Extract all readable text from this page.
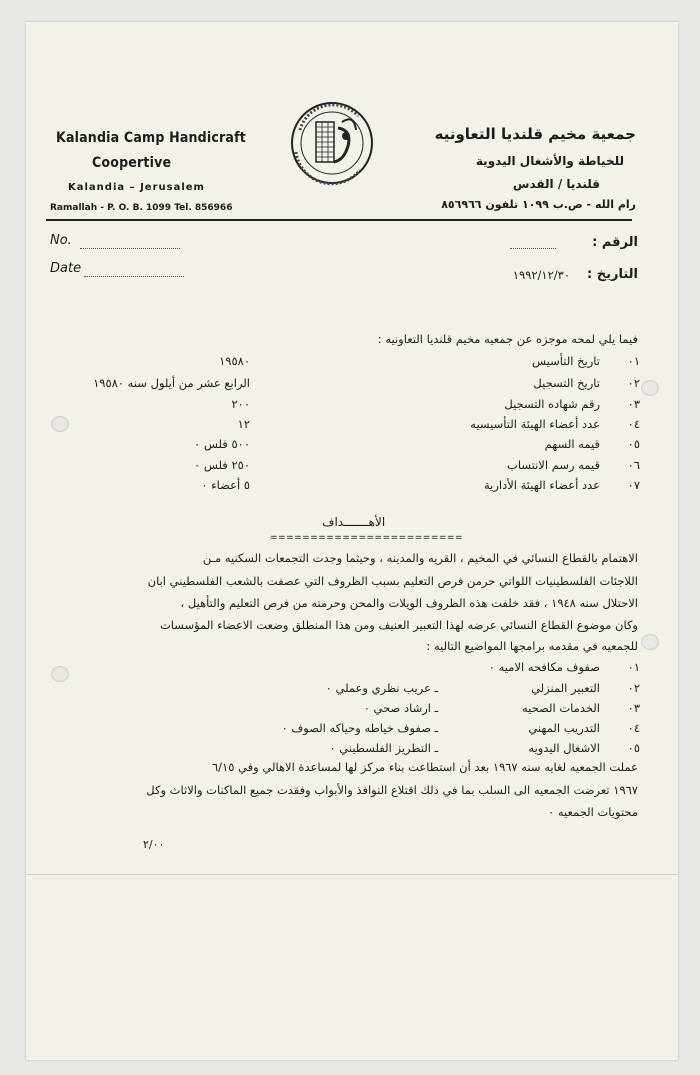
Kalandia Camp Handicraft
Coopertive
Kalandia – Jerusalem
Ramallah - P. O. B. 1099 Tel. 856966
جمعية مخيم قلنديا التعاونيه
للخياطة والأشغال اليدوية
قلنديا / القدس
رام الله - ص.ب ١٠٩٩ تلفون ٨٥٦٩٦٦
No.
Date
الرقم :
التاريخ :
١٩٩٢/١٢/٣٠
فيما يلي لمحه موجزه عن جمعيه مخيم قلنديا التعاونيه :
٠١
تاريخ التأسيس
١٩٥٨٠
٠٢
تاريخ التسجيل
الرابع عشر من أيلول سنه ١٩٥٨٠
٠٣
رقم شهاده التسجيل
٢٠٠
٠٤
عدد أعضاء الهيئة التأسيسيه
١٢
٠٥
قيمه السهم
٥٠٠ فلس ٠
٠٦
قيمه رسم الانتساب
٢٥٠ فلس ٠
٠٧
عدد أعضاء الهيئة الأدارية
٥ أعضاء ٠
الأهـــــــداف
========================
الاهتمام بالقطاع النسائي في المخيم ، القريه والمدينه ، وحيثما وجدت التجمعات السكنيه مـن
اللاجئات الفلسطينيات اللواتي حرمن فرص التعليم بسبب الظروف التي عصفت بالشعب الفلسطيني ابان
الاحتلال سنه ١٩٤٨ ، فقد خلفت هذه الظروف الويلات والمحن وحرمته من فرص التعليم والتأهيل ،
وكان موضوع القطاع النسائي عرضه لهذا التعبير العنيف ومن هذا المنطلق وضعت الاعضاء المؤسسات
للجمعيه في مقدمه برامجها المواضيع التاليه :
٠١
صفوف مكافحه الاميه ٠
٠٢
التعبير المنزلي
ـ عريب نظري وعملي ٠
٠٣
الخدمات الصحيه
ـ ارشاد صحي ٠
٠٤
التدريب المهني
ـ صفوف خياطه وحياكه الصوف ٠
٠٥
الاشغال اليدويه
ـ التطريز الفلسطيني ٠
عملت الجمعيه لغايه سنه ١٩٦٧ بعد أن استطاعت بناء مركز لها لمساعدة الاهالي وفي ٦/١٥
١٩٦٧ تعرضت الجمعيه الى السلب بما في ذلك اقتلاع النوافذ والأبواب وفقدت جميع الماكنات والاثاث وكل
محتويات الجمعيه ٠
٢/٠٠
